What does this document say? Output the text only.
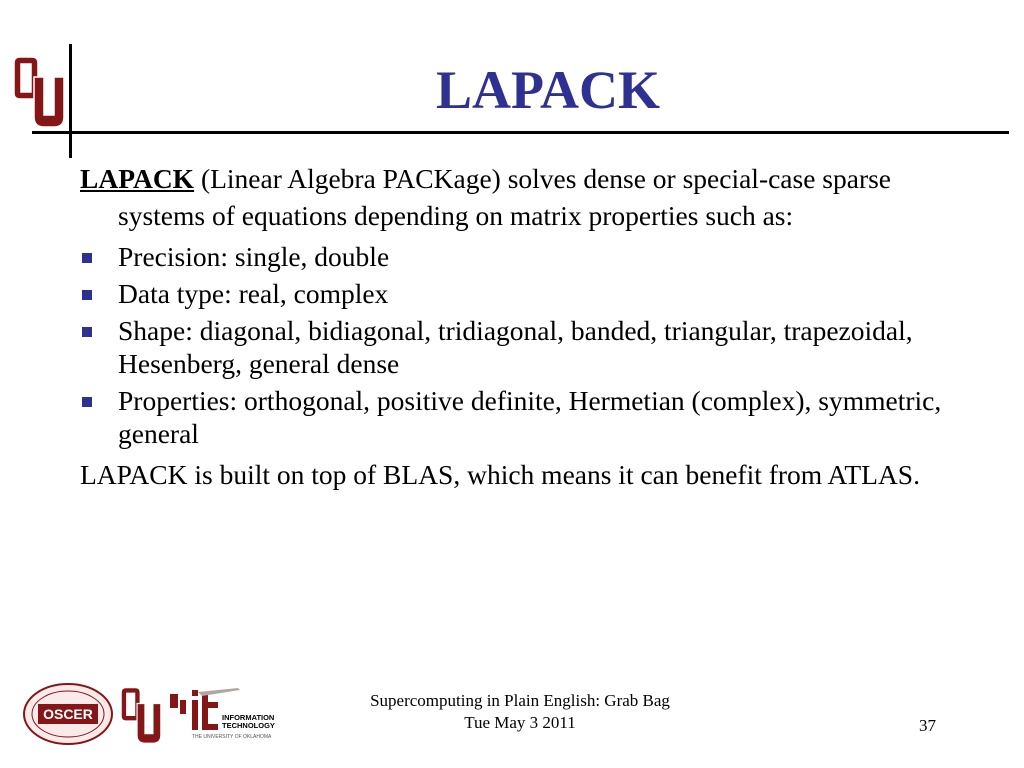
LAPACK
LAPACK (Linear Algebra PACKage) solves dense or special-case sparse systems of equations depending on matrix properties such as:
Precision: single, double
Data type: real, complex
Shape: diagonal, bidiagonal, tridiagonal, banded, triangular, trapezoidal, Hesenberg, general dense
Properties: orthogonal, positive definite, Hermetian (complex), symmetric, general
LAPACK is built on top of BLAS, which means it can benefit from ATLAS.
OSCER	INFORMATION
TECHNOLOGY
THE UNIVERSITY OF OKLAHOMA
Supercomputing in Plain English: Grab Bag
Tue May 3 2011	37
